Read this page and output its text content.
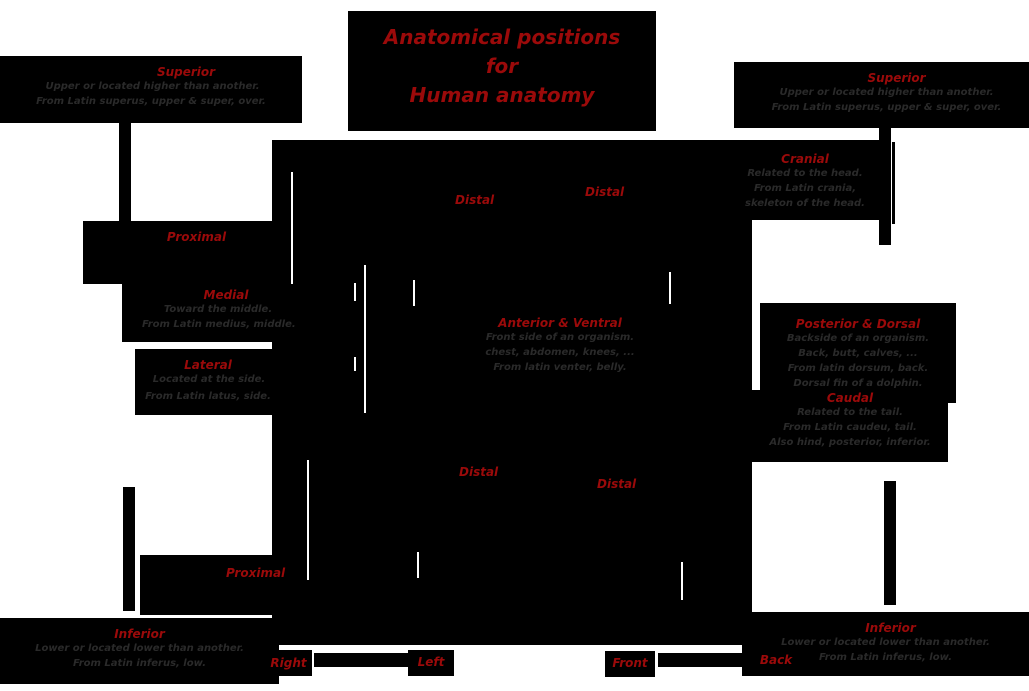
Anatomical positions
for
Human anatomy
Superior
Upper or located higher than another.
From Latin superus, upper & super, over.
Proximal
Medial
Toward the middle.
From Latin medius, middle.
Lateral
Located at the side.
From Latin latus, side.
Distal
Distal
Distal
Distal
Anterior & Ventral
Front side of an organism.
chest, abdomen, knees, ...
From latin venter, belly.
Proximal
Superior
Upper or located higher than another.
From Latin superus, upper & super, over.
Cranial
Related to the head.
From Latin crania,
skeleton of the head.
Posterior & Dorsal
Backside of an organism.
Back, butt, calves, ...
From latin dorsum, back.
Dorsal fin of a dolphin.
Caudal
Related to the tail.
From Latin caudeu, tail.
Also hind, posterior, inferior.
Inferior
Lower or located lower than another.
From Latin inferus, low.
Inferior
Lower or located lower than another.
From Latin inferus, low.
Right	Left	Front	Back
